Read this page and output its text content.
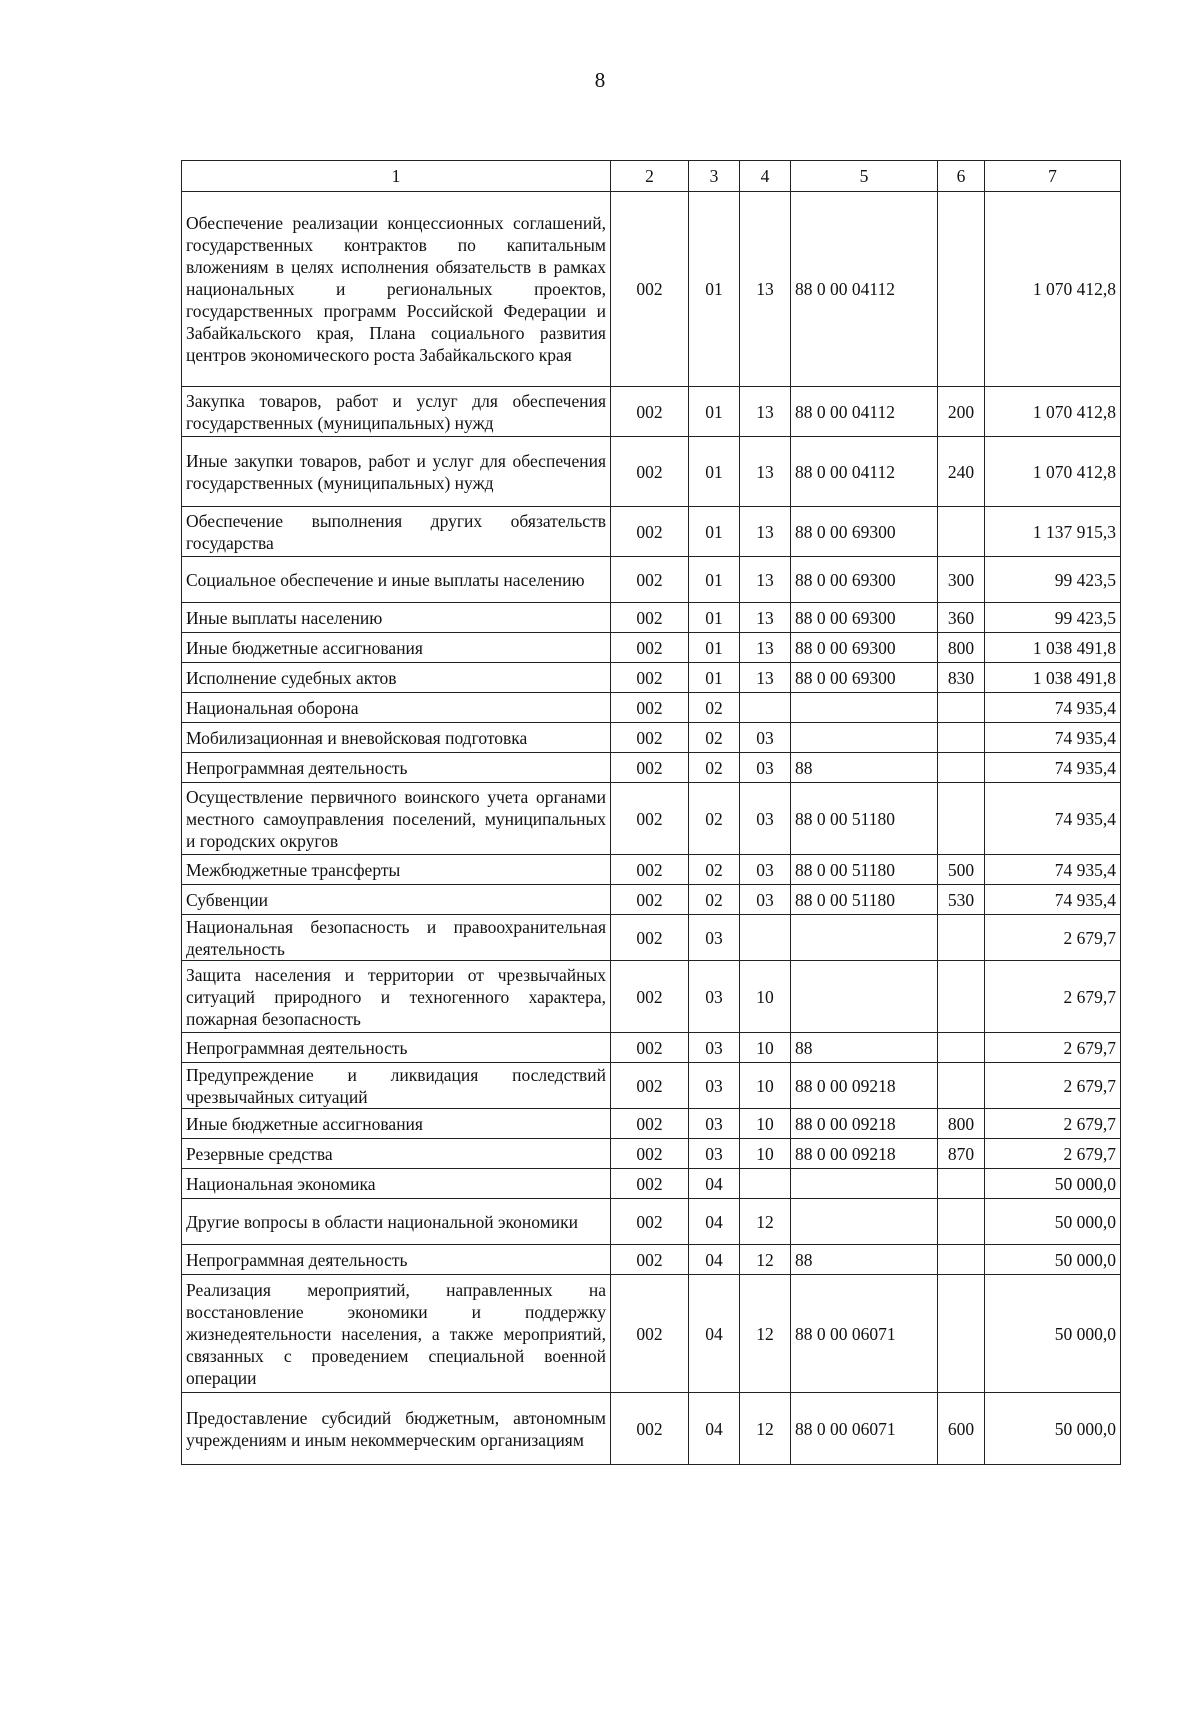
8
1	2	3	4	5	6	7
Обеспечение реализации концессионных соглашений, государственных контрактов по капитальным вложениям в целях исполнения обязательств в рамках национальных и региональных проектов, государственных программ Российской Федерации и Забайкальского края, Плана социального развития центров экономического роста Забайкальского края	002	01	13	88 0 00 04112		1 070 412,8
Закупка товаров, работ и услуг для обеспечения государственных (муниципальных) нужд	002	01	13	88 0 00 04112	200	1 070 412,8
Иные закупки товаров, работ и услуг для обеспечения государственных (муниципальных) нужд	002	01	13	88 0 00 04112	240	1 070 412,8
Обеспечение выполнения других обязательств государства	002	01	13	88 0 00 69300		1 137 915,3
Социальное обеспечение и иные выплаты населению	002	01	13	88 0 00 69300	300	99 423,5
Иные выплаты населению	002	01	13	88 0 00 69300	360	99 423,5
Иные бюджетные ассигнования	002	01	13	88 0 00 69300	800	1 038 491,8
Исполнение судебных актов	002	01	13	88 0 00 69300	830	1 038 491,8
Национальная оборона	002	02				74 935,4
Мобилизационная и вневойсковая подготовка	002	02	03			74 935,4
Непрограммная деятельность	002	02	03	88		74 935,4
Осуществление первичного воинского учета органами местного самоуправления поселений, муниципальных и городских округов	002	02	03	88 0 00 51180		74 935,4
Межбюджетные трансферты	002	02	03	88 0 00 51180	500	74 935,4
Субвенции	002	02	03	88 0 00 51180	530	74 935,4
Национальная безопасность и правоохранительная деятельность	002	03				2 679,7
Защита населения и территории от чрезвычайных ситуаций природного и техногенного характера, пожарная безопасность	002	03	10			2 679,7
Непрограммная деятельность	002	03	10	88		2 679,7
Предупреждение и ликвидация последствий чрезвычайных ситуаций	002	03	10	88 0 00 09218		2 679,7
Иные бюджетные ассигнования	002	03	10	88 0 00 09218	800	2 679,7
Резервные средства	002	03	10	88 0 00 09218	870	2 679,7
Национальная экономика	002	04				50 000,0
Другие вопросы в области национальной экономики	002	04	12			50 000,0
Непрограммная деятельность	002	04	12	88		50 000,0
Реализация мероприятий, направленных на восстановление экономики и поддержку жизнедеятельности населения, а также мероприятий, связанных с проведением специальной военной операции	002	04	12	88 0 00 06071		50 000,0
Предоставление субсидий бюджетным, автономным учреждениям и иным некоммерческим организациям	002	04	12	88 0 00 06071	600	50 000,0
